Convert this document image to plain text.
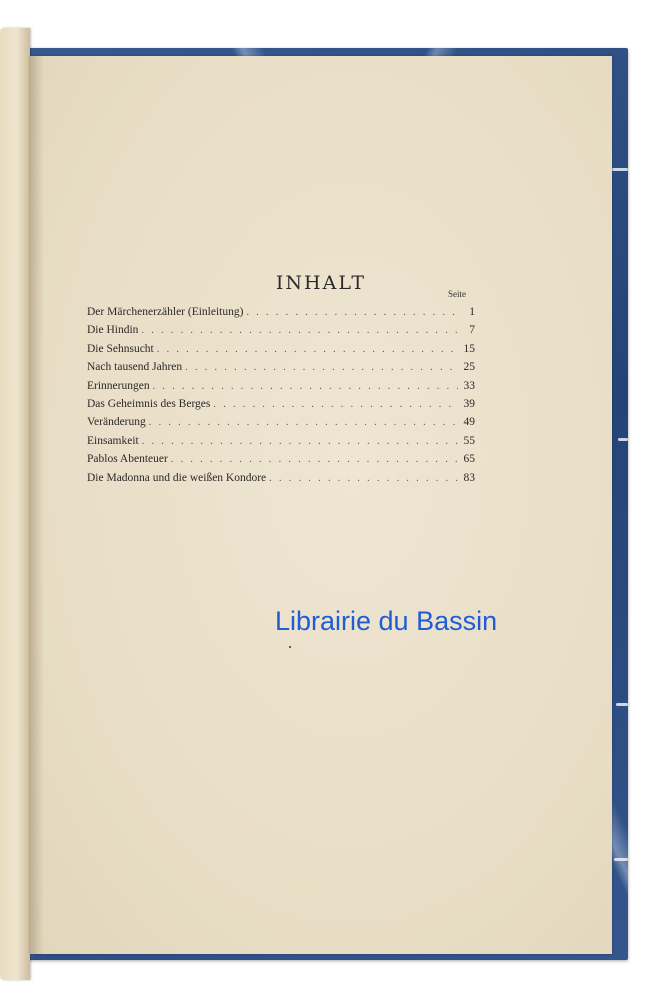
INHALT
Seite
Der Märchenerzähler (Einleitung) . . .	1
Die Hindin . . .	7
Die Sehnsucht . . .	15
Nach tausend Jahren . . .	25
Erinnerungen . . .	33
Das Geheimnis des Berges . . .	39
Veränderung . . .	49
Einsamkeit . . .	55
Pablos Abenteuer . . .	65
Die Madonna und die weißen Kondore . . .	83
Librairie du Bassin
